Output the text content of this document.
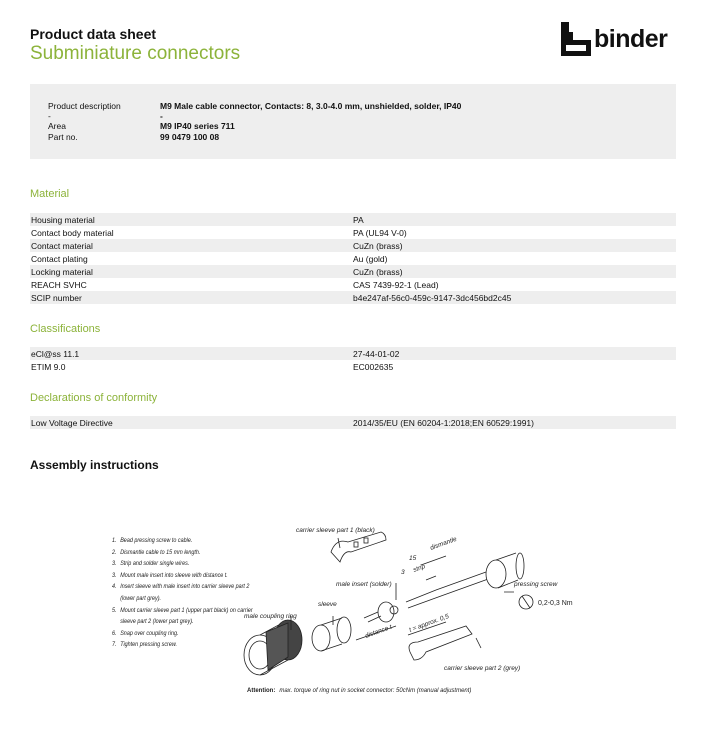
Product data sheet
Subminiature connectors
binder
Product description	M9 Male cable connector, Contacts: 8, 3.0-4.0 mm, unshielded, solder, IP40
-	-
Area	M9 IP40 series 711
Part no.	99 0479 100 08
Material
Housing material	PA
Contact body material	PA (UL94 V-0)
Contact material	CuZn (brass)
Contact plating	Au (gold)
Locking material	CuZn (brass)
REACH SVHC	CAS 7439-92-1 (Lead)
SCIP number	b4e247af-56c0-459c-9147-3dc456bd2c45
Classifications
eCl@ss 11.1	27-44-01-02
ETIM 9.0	EC002635
Declarations of conformity
Low Voltage Directive	2014/35/EU (EN 60204-1:2018;EN 60529:1991)
Assembly instructions
1. Bead pressing screw to cable.
2. Dismantle cable to 15 mm length.
3. Strip and solder single wires.
3. Mount male insert into sleeve with distance t.
4. Insert sleeve with male insert into carrier sleeve part 2 (lower part grey).
5. Mount carrier sleeve part 1 (upper part black) on carrier sleeve part 2 (lower part grey).
6. Snap over coupling ring.
7. Tighten pressing screw.
carrier sleeve part 1 (black)
male insert (solder)
sleeve
male coupling ring
pressing screw
0,2-0,3 Nm
dismantle
15
3 strip
distance t t = approx. 0,5
carrier sleeve part 2 (grey)
Attention: max. torque of ring nut in socket connector: 50cNm (manual adjustment)
